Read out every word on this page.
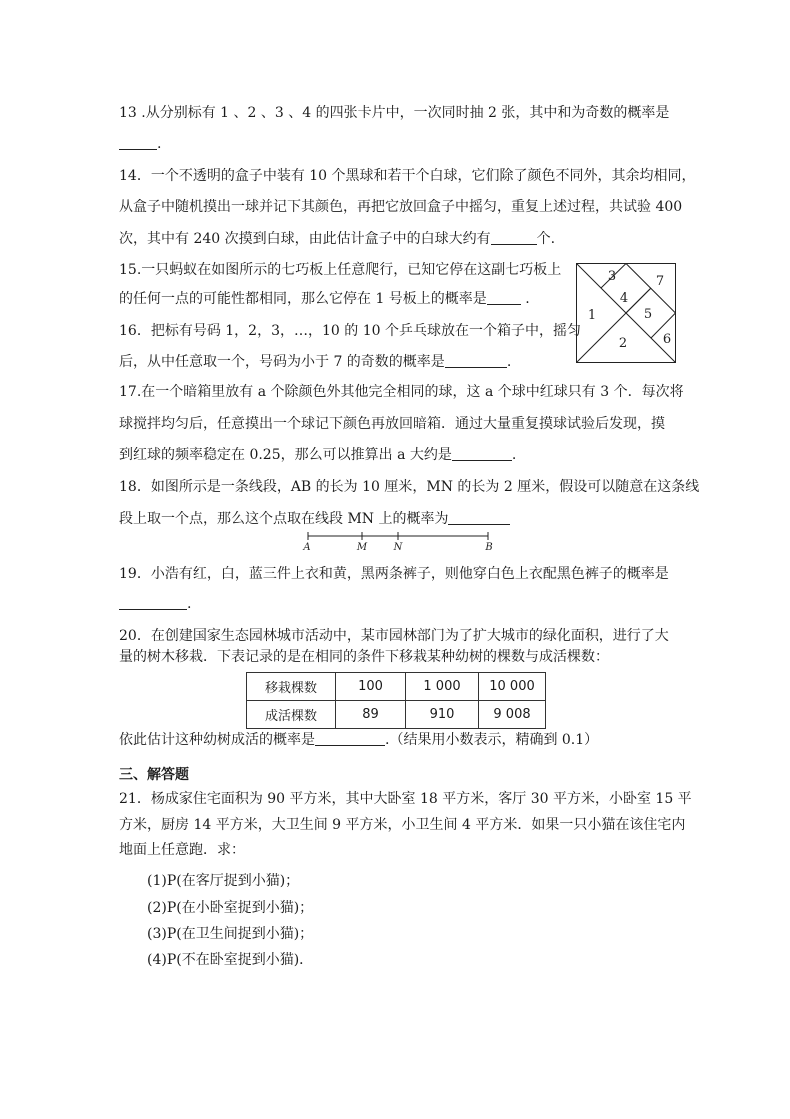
13 .从分别标有 1 、2 、3 、4 的四张卡片中，一次同时抽 2 张，其中和为奇数的概率是
.
14．一个不透明的盒子中装有 10 个黑球和若干个白球，它们除了颜色不同外，其余均相同，
从盒子中随机摸出一球并记下其颜色，再把它放回盒子中摇匀，重复上述过程，共试验 400
次，其中有 240 次摸到白球，由此估计盒子中的白球大约有	个.
15.一只蚂蚁在如图所示的七巧板上任意爬行，已知它停在这副七巧板上
的任何一点的可能性都相同，那么它停在 1 号板上的概率是	.
1
2
3
4
5
6
7
16．把标有号码 1，2，3，…，10 的 10 个乒乓球放在一个箱子中，摇匀
后，从中任意取一个，号码为小于 7 的奇数的概率是	.
17.在一个暗箱里放有 a 个除颜色外其他完全相同的球，这 a 个球中红球只有 3 个．每次将
球搅拌均匀后，任意摸出一个球记下颜色再放回暗箱．通过大量重复摸球试验后发现，摸
到红球的频率稳定在 0.25，那么可以推算出 a 大约是	.
18．如图所示是一条线段，AB 的长为 10 厘米，MN 的长为 2 厘米，假设可以随意在这条线
段上取一个点，那么这个点取在线段 MN 上的概率为
A	M	N	B
19．小浩有红，白，蓝三件上衣和黄，黑两条裤子，则他穿白色上衣配黑色裤子的概率是
.
20．在创建国家生态园林城市活动中，某市园林部门为了扩大城市的绿化面积，进行了大
量的树木移栽．下表记录的是在相同的条件下移栽某种幼树的棵数与成活棵数：
移栽棵数	100	1 000	10 000
成活棵数	89	910	9 008
依此估计这种幼树成活的概率是	.（结果用小数表示，精确到 0.1）
三、解答题
21．杨成家住宅面积为 90 平方米，其中大卧室 18 平方米，客厅 30 平方米，小卧室 15 平
方米，厨房 14 平方米，大卫生间 9 平方米，小卫生间 4 平方米．如果一只小猫在该住宅内
地面上任意跑．求：
(1)P(在客厅捉到小猫)；
(2)P(在小卧室捉到小猫)；
(3)P(在卫生间捉到小猫)；
(4)P(不在卧室捉到小猫)．
